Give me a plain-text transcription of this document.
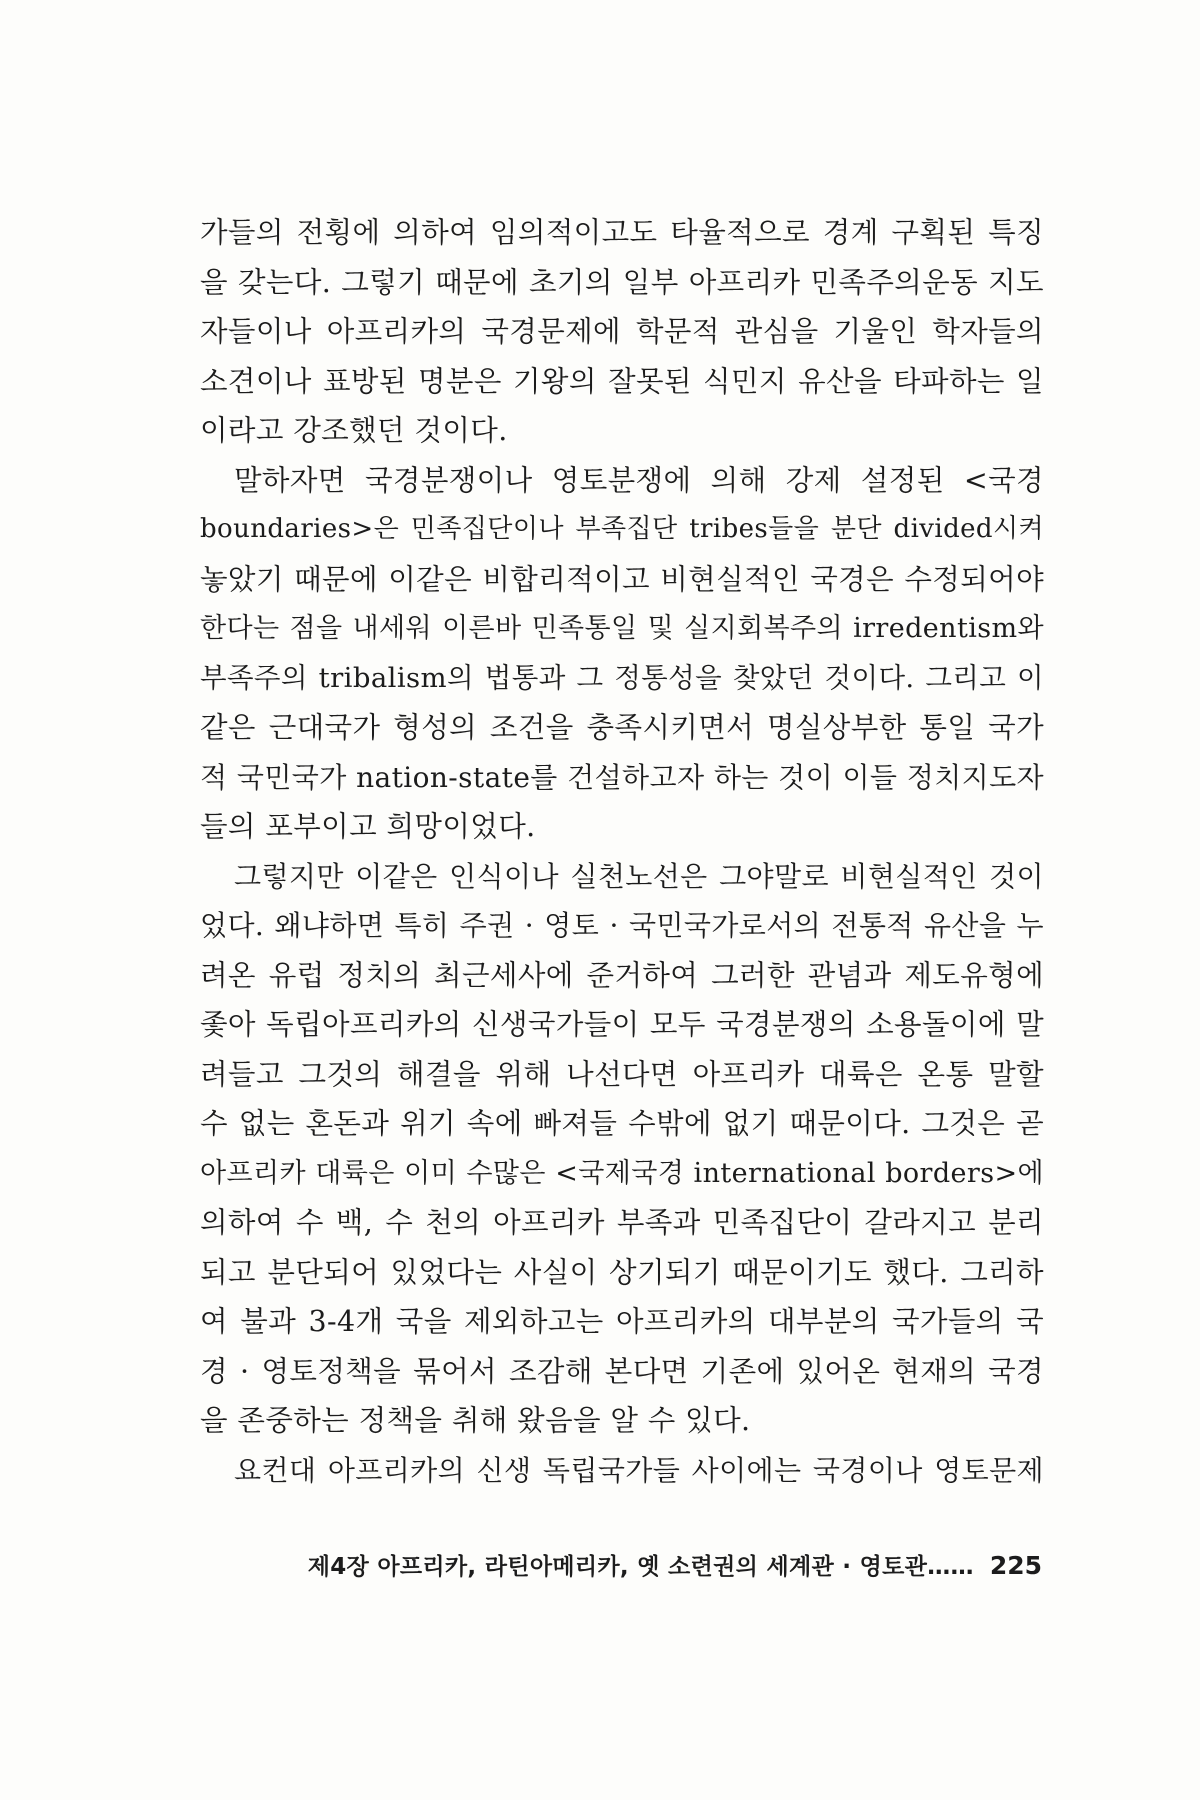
가들의 전횡에 의하여 임의적이고도 타율적으로 경계 구획된 특징
을 갖는다. 그렇기 때문에 초기의 일부 아프리카 민족주의운동 지도
자들이나 아프리카의 국경문제에 학문적 관심을 기울인 학자들의
소견이나 표방된 명분은 기왕의 잘못된 식민지 유산을 타파하는 일
이라고 강조했던 것이다.
말하자면 국경분쟁이나 영토분쟁에 의해 강제 설정된 <국경
boundaries>은 민족집단이나 부족집단 tribes들을 분단 divided시켜
놓았기 때문에 이같은 비합리적이고 비현실적인 국경은 수정되어야
한다는 점을 내세워 이른바 민족통일 및 실지회복주의 irredentism와
부족주의 tribalism의 법통과 그 정통성을 찾았던 것이다. 그리고 이
같은 근대국가 형성의 조건을 충족시키면서 명실상부한 통일 국가
적 국민국가 nation-state를 건설하고자 하는 것이 이들 정치지도자
들의 포부이고 희망이었다.
그렇지만 이같은 인식이나 실천노선은 그야말로 비현실적인 것이
었다. 왜냐하면 특히 주권 · 영토 · 국민국가로서의 전통적 유산을 누
려온 유럽 정치의 최근세사에 준거하여 그러한 관념과 제도유형에
좇아 독립아프리카의 신생국가들이 모두 국경분쟁의 소용돌이에 말
려들고 그것의 해결을 위해 나선다면 아프리카 대륙은 온통 말할
수 없는 혼돈과 위기 속에 빠져들 수밖에 없기 때문이다. 그것은 곧
아프리카 대륙은 이미 수많은 <국제국경 international borders>에
의하여 수 백, 수 천의 아프리카 부족과 민족집단이 갈라지고 분리
되고 분단되어 있었다는 사실이 상기되기 때문이기도 했다. 그리하
여 불과 3-4개 국을 제외하고는 아프리카의 대부분의 국가들의 국
경 · 영토정책을 묶어서 조감해 본다면 기존에 있어온 현재의 국경
을 존중하는 정책을 취해 왔음을 알 수 있다.
요컨대 아프리카의 신생 독립국가들 사이에는 국경이나 영토문제
제4장 아프리카, 라틴아메리카, 옛 소련권의 세계관 · 영토관…… 225
